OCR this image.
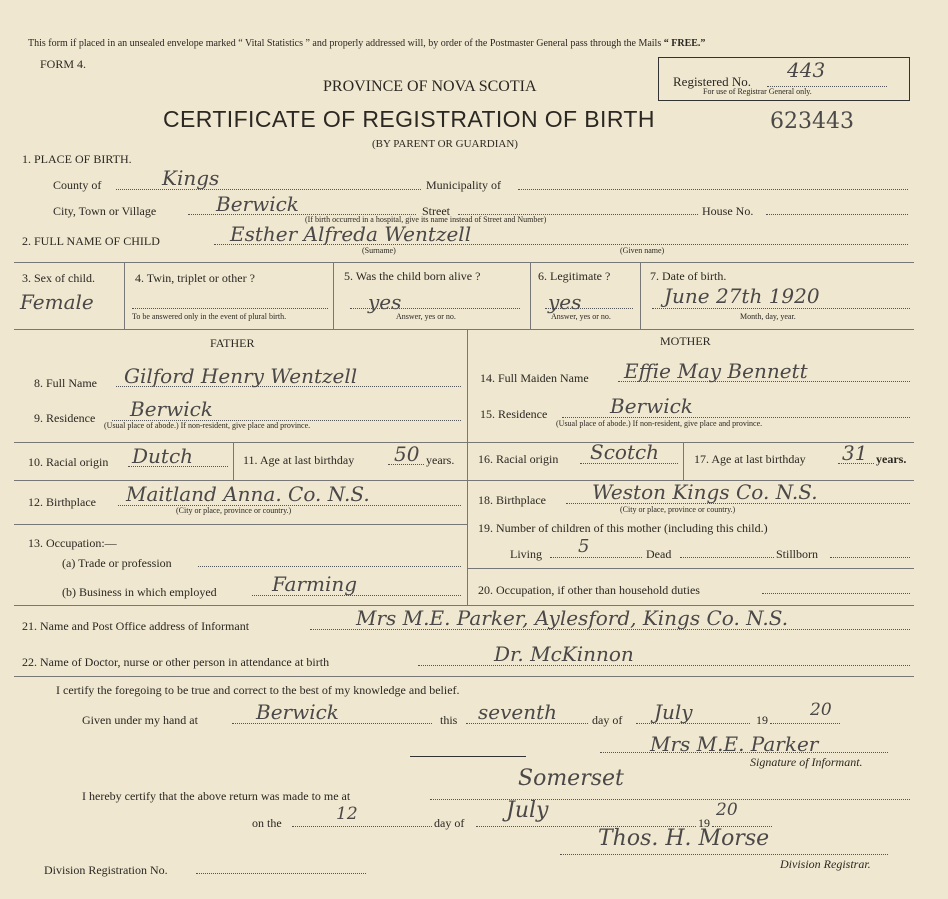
This form if placed in an unsealed envelope marked “ Vital Statistics ” and properly addressed will, by order of the Postmaster General pass through the Mails “ FREE.”
FORM 4.
Registered No. 443
For use of Registrar General only.
PROVINCE OF NOVA SCOTIA
CERTIFICATE OF REGISTRATION OF BIRTH	623443
(BY PARENT OR GUARDIAN)
1. PLACE OF BIRTH.
County of	Kings	Municipality of
City, Town or Village	Berwick	Street	House No.
(If birth occurred in a hospital, give its name instead of Street and Number)
2. FULL NAME OF CHILD	Esther Alfreda Wentzell
(Surname)	(Given name)
3. Sex of child.
Female
4. Twin, triplet or other ?
To be answered only in the event of plural birth.
5. Was the child born alive ?
yes
Answer, yes or no.
6. Legitimate ?
yes
Answer, yes or no.
7. Date of birth.
June 27th 1920
Month, day, year.
FATHER	MOTHER
8. Full Name Gilford Henry Wentzell
9. Residence Berwick
(Usual place of abode.) If non-resident, give place and province.
10. Racial origin Dutch	11. Age at last birthday 50 years.
12. Birthplace Maitland Anna. Co. N.S.
(City or place, province or country.)
13. Occupation:—
(a) Trade or profession
(b) Business in which employed	Farming
14. Full Maiden Name Effie May Bennett
15. Residence	Berwick
(Usual place of abode.) If non-resident, give place and province.
16. Racial origin Scotch	17. Age at last birthday 31 years.
18. Birthplace Weston Kings Co. N.S.
(City or place, province or country.)
19. Number of children of this mother (including this child.)
Living 5	Dead	Stillborn
20. Occupation, if other than household duties
21. Name and Post Office address of Informant	Mrs M.E. Parker, Aylesford, Kings Co. N.S.
22. Name of Doctor, nurse or other person in attendance at birth	Dr. McKinnon
I certify the foregoing to be true and correct to the best of my knowledge and belief.
Given under my hand at	Berwick	this seventh	day of July	19 20
Mrs M.E. Parker
Signature of Informant.
I hereby certify that the above return was made to me at
Somerset
on the	12	day of July	19
20
Thos. H. Morse
Division Registrar.
Division Registration No.
